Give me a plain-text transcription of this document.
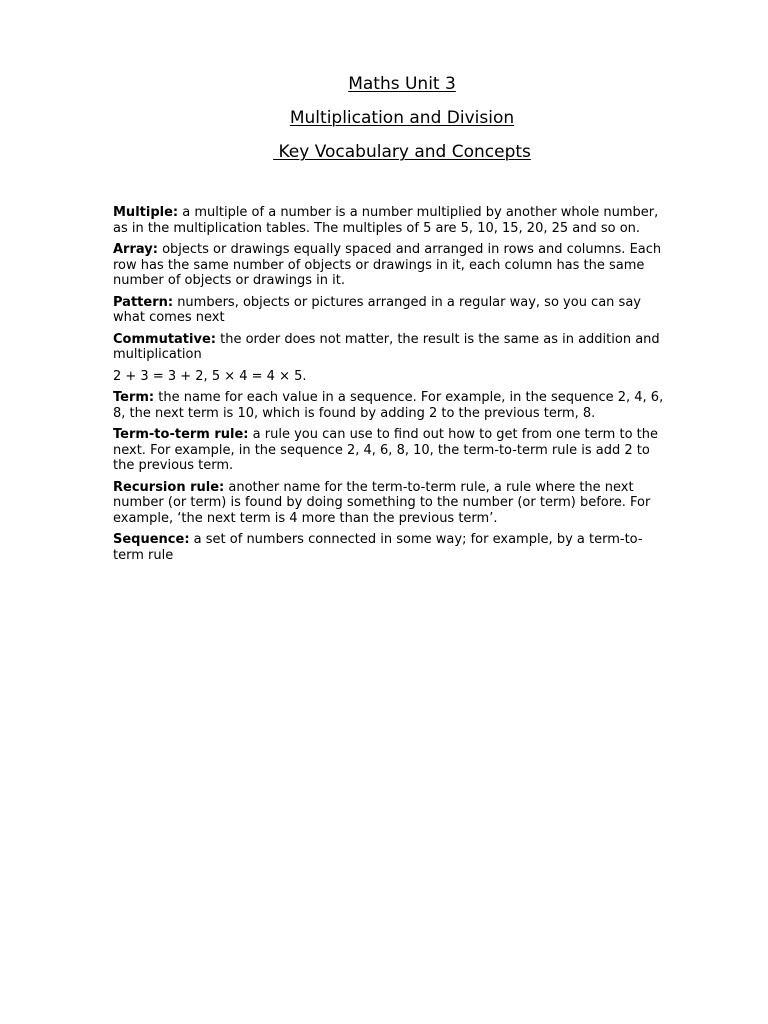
Maths Unit 3
Multiplication and Division
Key Vocabulary and Concepts

Multiple: a multiple of a number is a number multiplied by another whole number, as in the multiplication tables. The multiples of 5 are 5, 10, 15, 20, 25 and so on.

Array: objects or drawings equally spaced and arranged in rows and columns. Each row has the same number of objects or drawings in it, each column has the same number of objects or drawings in it.

Pattern: numbers, objects or pictures arranged in a regular way, so you can say what comes next

Commutative: the order does not matter, the result is the same as in addition and multiplication

2 + 3 = 3 + 2, 5 × 4 = 4 × 5.

Term: the name for each value in a sequence. For example, in the sequence 2, 4, 6, 8, the next term is 10, which is found by adding 2 to the previous term, 8.

Term-to-term rule: a rule you can use to find out how to get from one term to the next. For example, in the sequence 2, 4, 6, 8, 10, the term-to-term rule is add 2 to the previous term.

Recursion rule: another name for the term-to-term rule, a rule where the next number (or term) is found by doing something to the number (or term) before. For example, ‘the next term is 4 more than the previous term’.

Sequence: a set of numbers connected in some way; for example, by a term-to-term rule
